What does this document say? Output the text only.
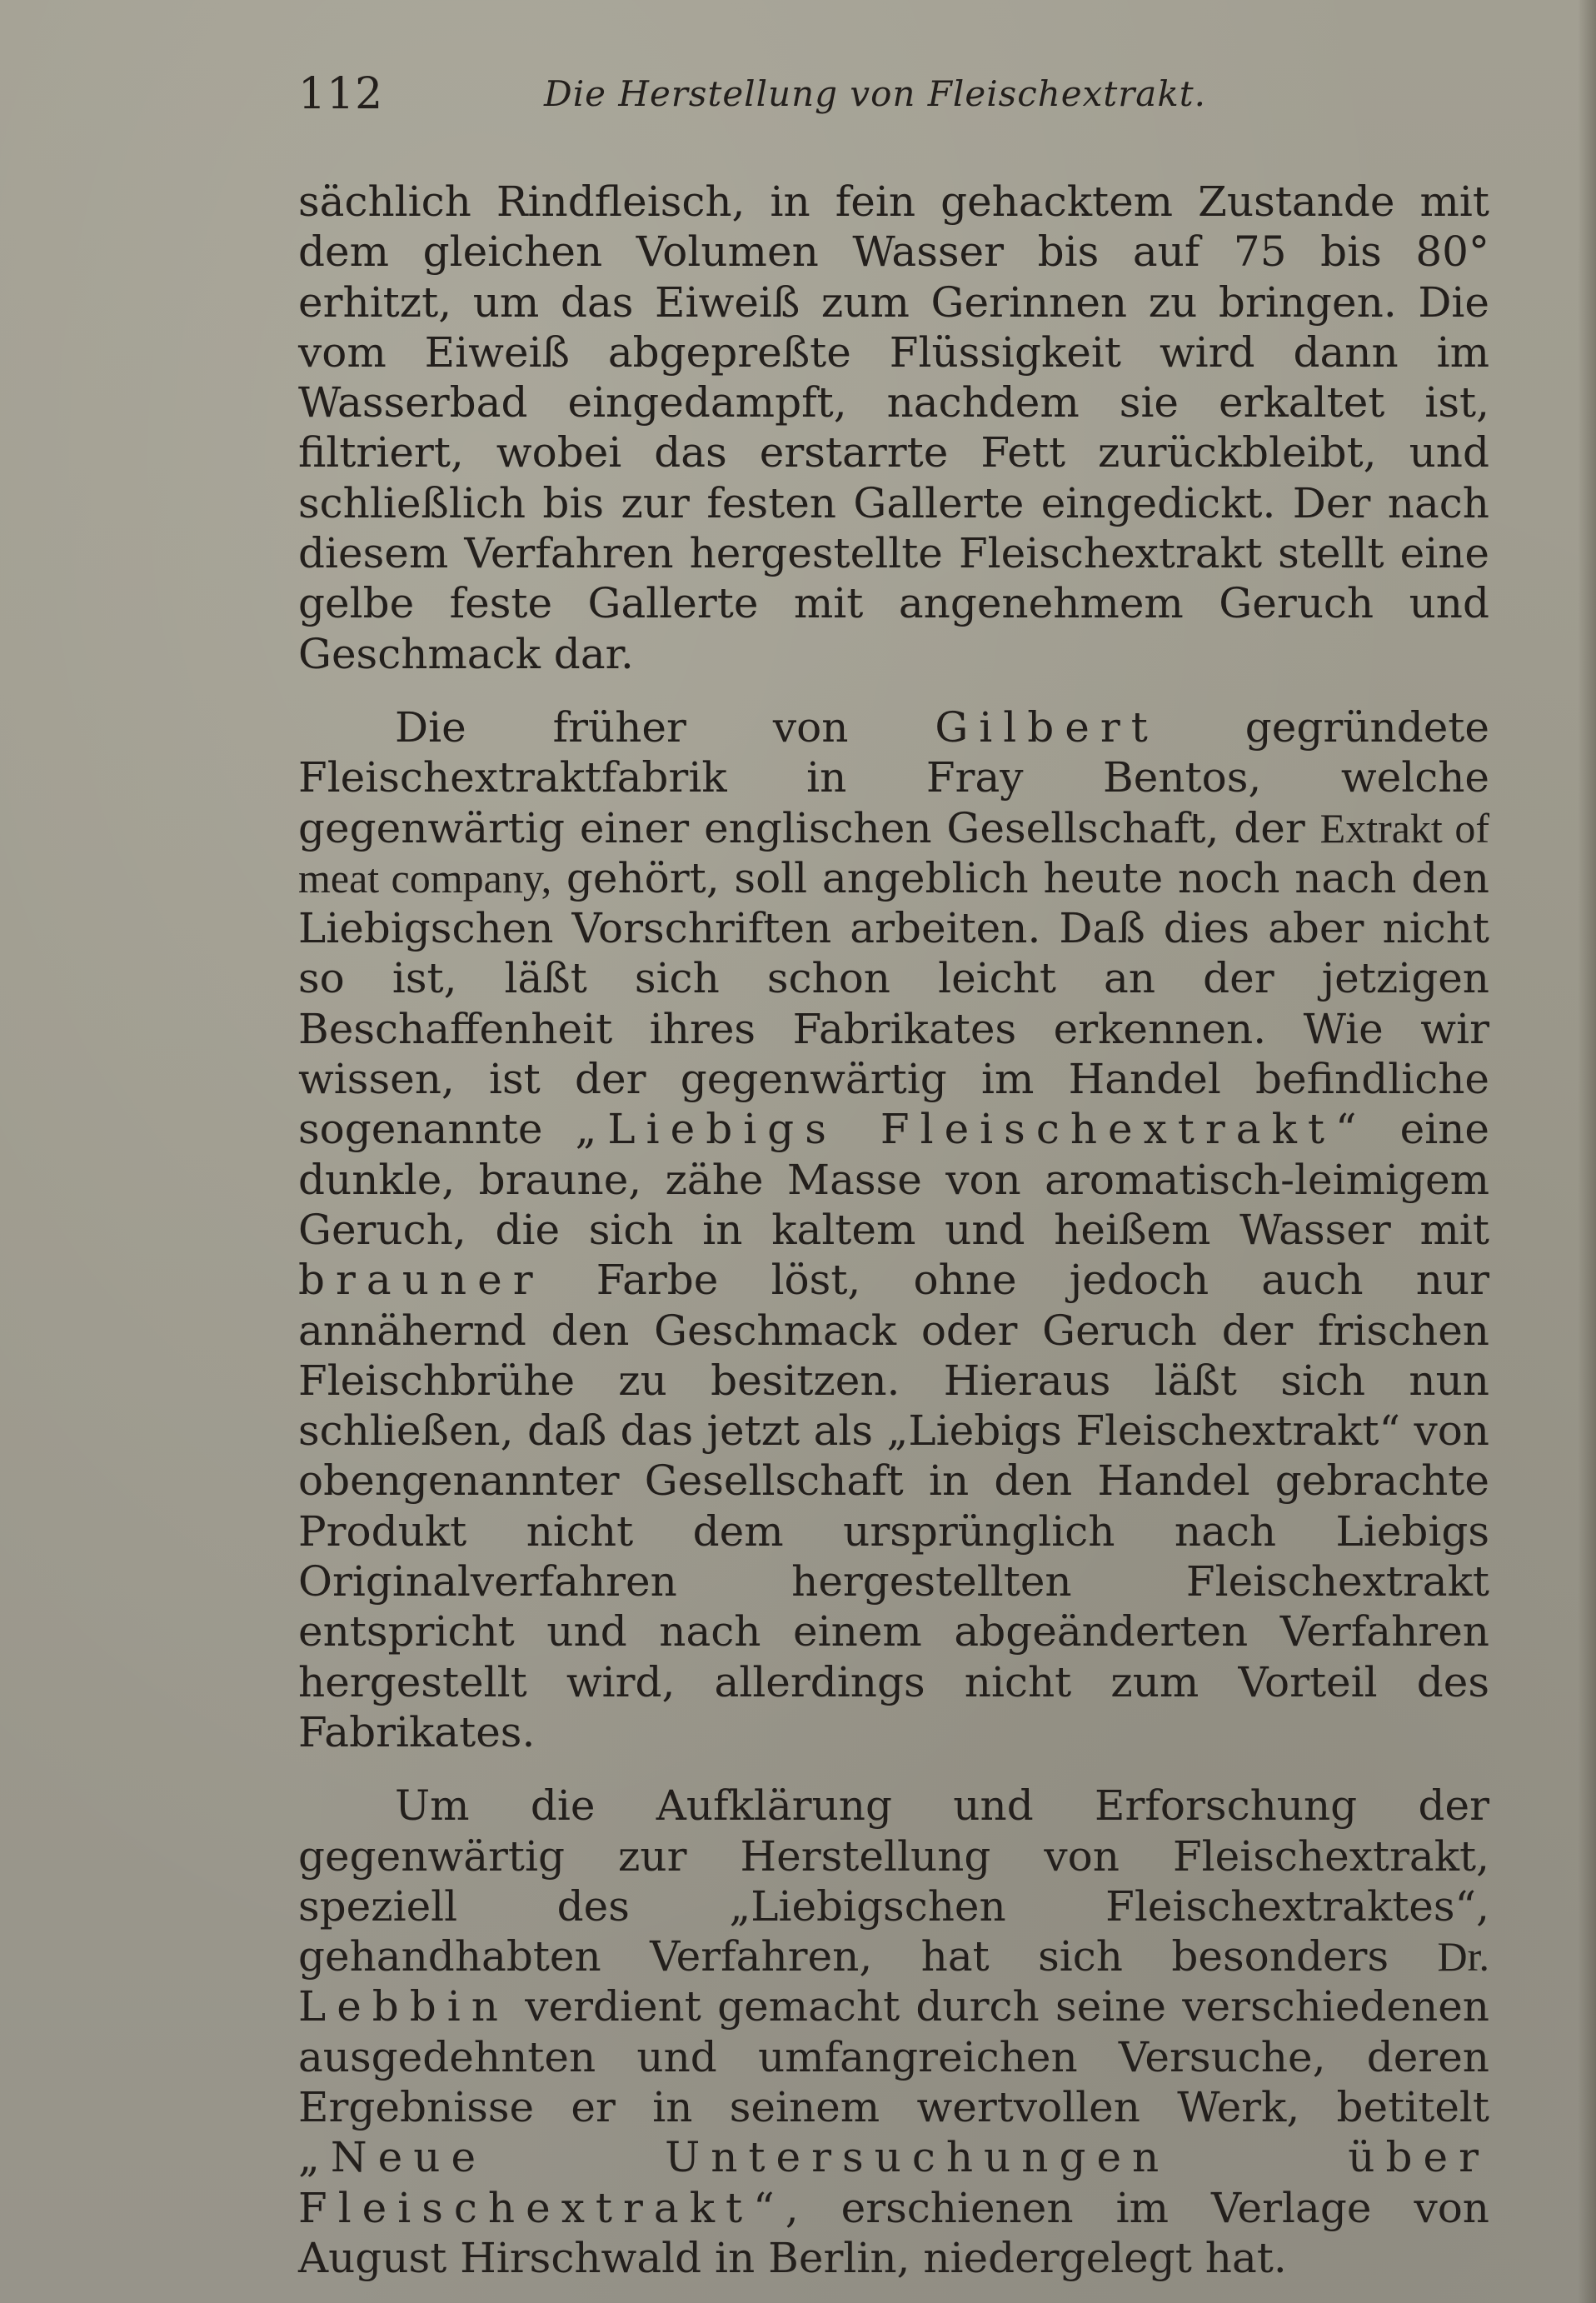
112	Die Herstellung von Fleischextrakt.

sächlich Rindfleisch, in fein gehacktem Zustande mit dem gleichen Volumen Wasser bis auf 75 bis 80° erhitzt, um das Eiweiß zum Gerinnen zu bringen. Die vom Eiweiß abgepreßte Flüssigkeit wird dann im Wasserbad eingedampft, nachdem sie erkaltet ist, filtriert, wobei das erstarrte Fett zurückbleibt, und schließlich bis zur festen Gallerte eingedickt. Der nach diesem Verfahren hergestellte Fleischextrakt stellt eine gelbe feste Gallerte mit angenehmem Geruch und Geschmack dar.

Die früher von Gilbert gegründete Fleischextraktfabrik in Fray Bentos, welche gegenwärtig einer englischen Gesellschaft, der Extrakt of meat company, gehört, soll angeblich heute noch nach den Liebigschen Vorschriften arbeiten. Daß dies aber nicht so ist, läßt sich schon leicht an der jetzigen Beschaffenheit ihres Fabrikates erkennen. Wie wir wissen, ist der gegenwärtig im Handel befindliche sogenannte „Liebigs Fleischextrakt“ eine dunkle, braune, zähe Masse von aromatisch-leimigem Geruch, die sich in kaltem und heißem Wasser mit brauner Farbe löst, ohne jedoch auch nur annähernd den Geschmack oder Geruch der frischen Fleischbrühe zu besitzen. Hieraus läßt sich nun schließen, daß das jetzt als „Liebigs Fleischextrakt“ von obengenannter Gesellschaft in den Handel gebrachte Produkt nicht dem ursprünglich nach Liebigs Originalverfahren hergestellten Fleischextrakt entspricht und nach einem abgeänderten Verfahren hergestellt wird, allerdings nicht zum Vorteil des Fabrikates.

Um die Aufklärung und Erforschung der gegenwärtig zur Herstellung von Fleischextrakt, speziell des „Liebigschen Fleischextraktes“, gehandhabten Verfahren, hat sich besonders Dr. Lebbin verdient gemacht durch seine verschiedenen ausgedehnten und umfangreichen Versuche, deren Ergebnisse er in seinem wertvollen Werk, betitelt „Neue Untersuchungen über Fleischextrakt“, erschienen im Verlage von August Hirschwald in Berlin, niedergelegt hat.
